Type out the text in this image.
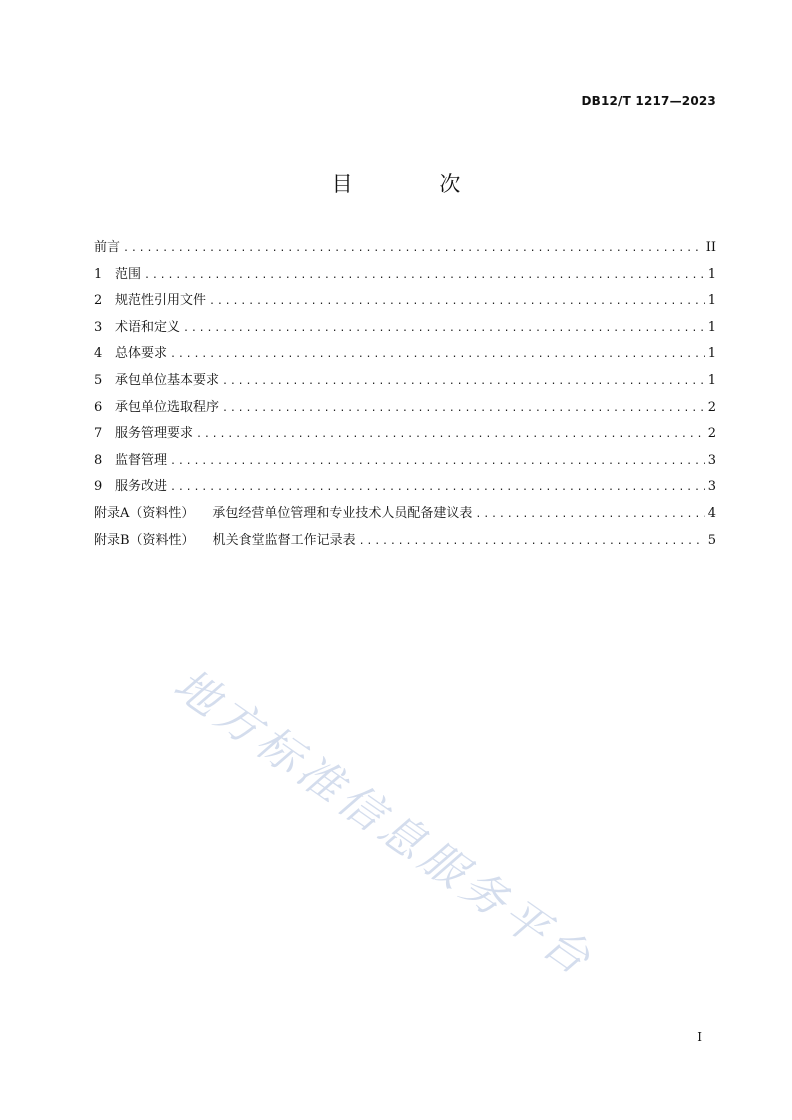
DB12/T 1217—2023
目 次
前言 .....	II
1 范围 .....	1
2 规范性引用文件 .....	1
3 术语和定义 .....	1
4 总体要求 .....	1
5 承包单位基本要求 .....	1
6 承包单位选取程序 .....	2
7 服务管理要求 .....	2
8 监督管理 .....	3
9 服务改进 .....	3
附录A（资料性）	承包经营单位管理和专业技术人员配备建议表 .....	4
附录B（资料性）	机关食堂监督工作记录表 .....	5
地方标准信息服务平台
I
